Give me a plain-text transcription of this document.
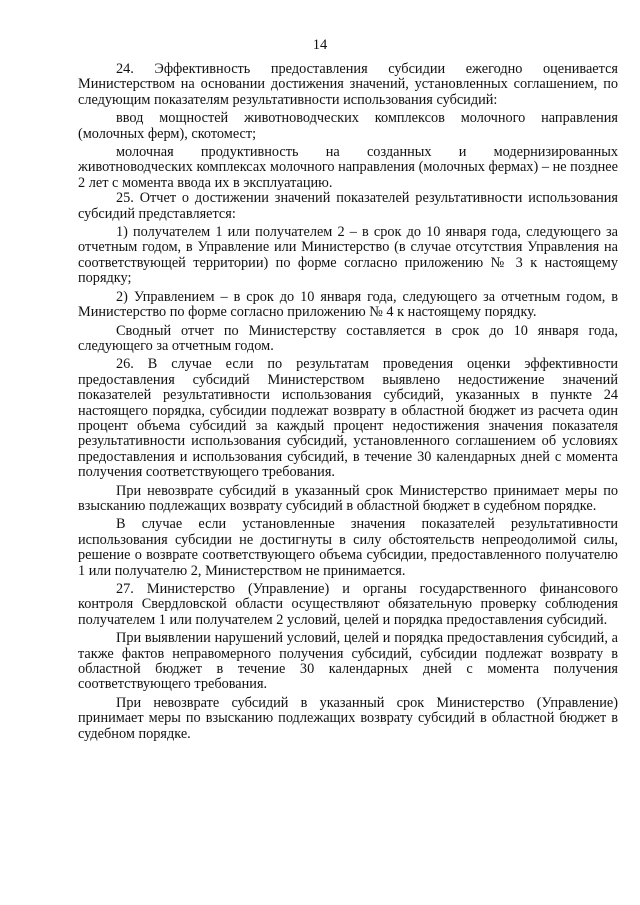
14

24. Эффективность предоставления субсидии ежегодно оценивается Министерством на основании достижения значений, установленных соглашением, по следующим показателям результативности использования субсидий:

ввод мощностей животноводческих комплексов молочного направления (молочных ферм), скотомест;

молочная продуктивность на созданных и модернизированных животноводческих комплексах молочного направления (молочных фермах) – не позднее 2 лет с момента ввода их в эксплуатацию.

25. Отчет о достижении значений показателей результативности использования субсидий представляется:

1) получателем 1 или получателем 2 – в срок до 10 января года, следующего за отчетным годом, в Управление или Министерство (в случае отсутствия Управления на соответствующей территории) по форме согласно приложению № 3 к настоящему порядку;

2) Управлением – в срок до 10 января года, следующего за отчетным годом, в Министерство по форме согласно приложению № 4 к настоящему порядку.

Сводный отчет по Министерству составляется в срок до 10 января года, следующего за отчетным годом.

26. В случае если по результатам проведения оценки эффективности предоставления субсидий Министерством выявлено недостижение значений показателей результативности использования субсидий, указанных в пункте 24 настоящего порядка, субсидии подлежат возврату в областной бюджет из расчета один процент объема субсидий за каждый процент недостижения значения показателя результативности использования субсидий, установленного соглашением об условиях предоставления и использования субсидий, в течение 30 календарных дней с момента получения соответствующего требования.

При невозврате субсидий в указанный срок Министерство принимает меры по взысканию подлежащих возврату субсидий в областной бюджет в судебном порядке.

В случае если установленные значения показателей результативности использования субсидии не достигнуты в силу обстоятельств непреодолимой силы, решение о возврате соответствующего объема субсидии, предоставленного получателю 1 или получателю 2, Министерством не принимается.

27. Министерство (Управление) и органы государственного финансового контроля Свердловской области осуществляют обязательную проверку соблюдения получателем 1 или получателем 2 условий, целей и порядка предоставления субсидий.

При выявлении нарушений условий, целей и порядка предоставления субсидий, а также фактов неправомерного получения субсидий, субсидии подлежат возврату в областной бюджет в течение 30 календарных дней с момента получения соответствующего требования.

При невозврате субсидий в указанный срок Министерство (Управление) принимает меры по взысканию подлежащих возврату субсидий в областной бюджет в судебном порядке.
